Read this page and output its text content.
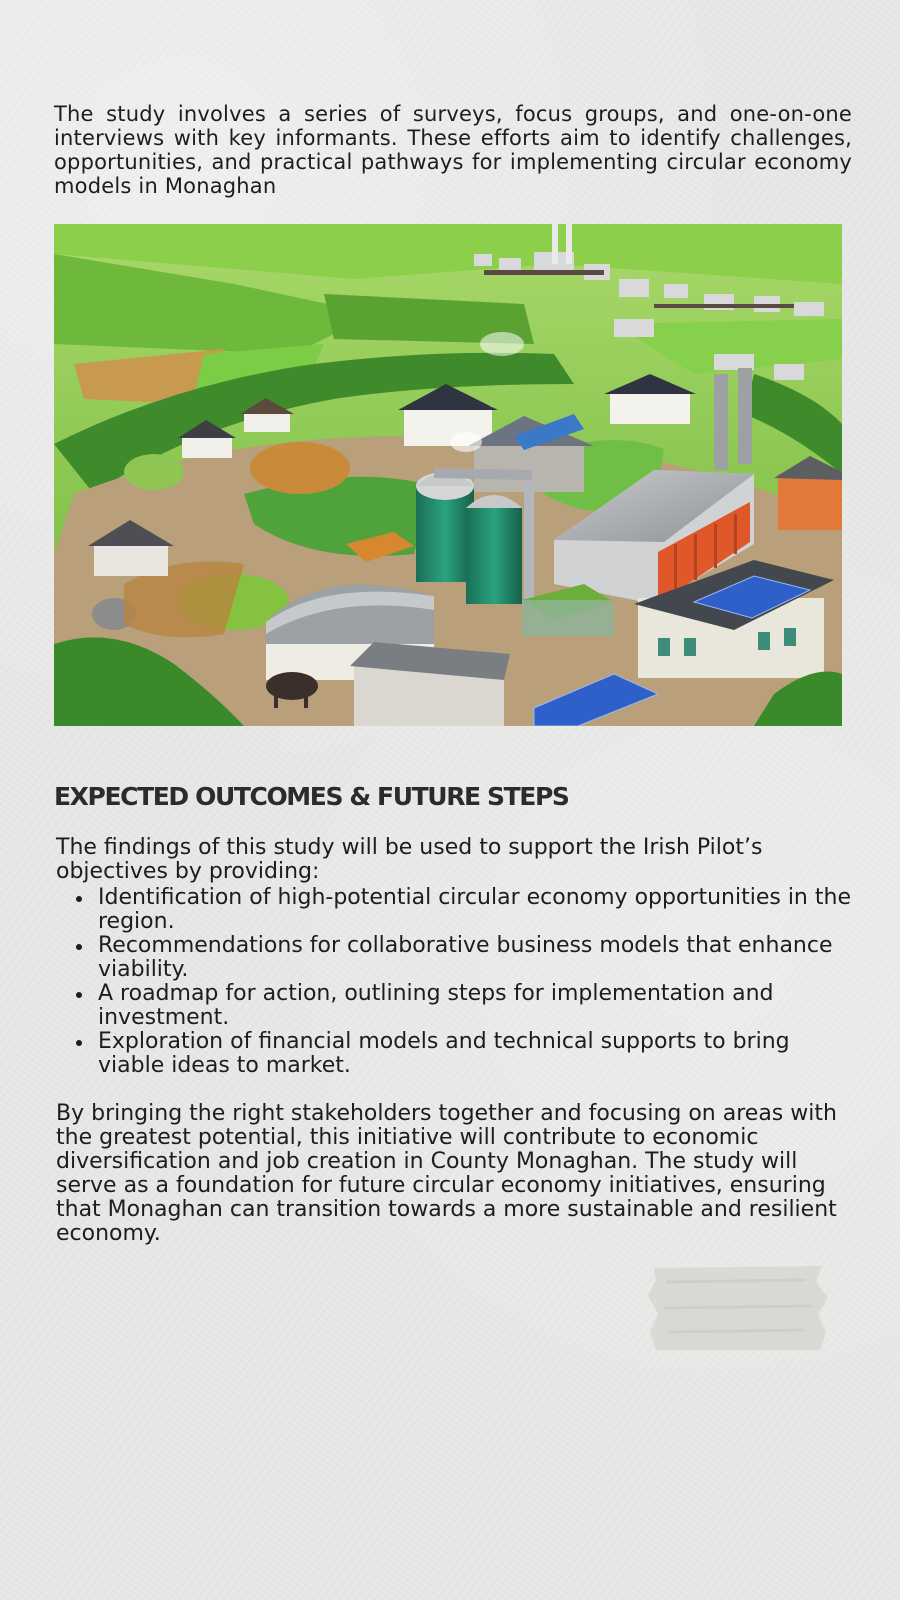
The study involves a series of surveys, focus groups, and one-on-one interviews with key informants. These efforts aim to identify challenges, opportunities, and practical pathways for implementing circular economy models in Monaghan

EXPECTED OUTCOMES & FUTURE STEPS

The findings of this study will be used to support the Irish Pilot’s objectives by providing:

Identification of high-potential circular economy opportunities in the region.
Recommendations for collaborative business models that enhance viability.
A roadmap for action, outlining steps for implementation and investment.
Exploration of financial models and technical supports to bring viable ideas to market.

By bringing the right stakeholders together and focusing on areas with the greatest potential, this initiative will contribute to economic diversification and job creation in County Monaghan. The study will serve as a foundation for future circular economy initiatives, ensuring that Monaghan can transition towards a more sustainable and resilient economy.
